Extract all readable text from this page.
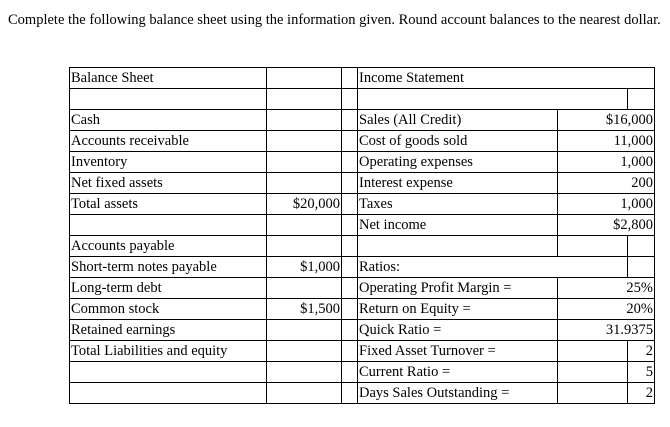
Complete the following balance sheet using the information given. Round account balances to the nearest dollar.
Balance Sheet			Income Statement		

Cash			Sales (All Credit)	$16,000	
Accounts receivable			Cost of goods sold	11,000	
Inventory			Operating expenses	1,000	
Net fixed assets			Interest expense	200	
Total assets	$20,000		Taxes	1,000	
			Net income	$2,800	
Accounts payable					
Short-term notes payable	$1,000		Ratios:		
Long-term debt			Operating Profit Margin =	25%	
Common stock	$1,500		Return on Equity =	20%	
Retained earnings			Quick Ratio =	31.9375	
Total Liabilities and equity			Fixed Asset Turnover =		2
			Current Ratio =		5
			Days Sales Outstanding =		2
